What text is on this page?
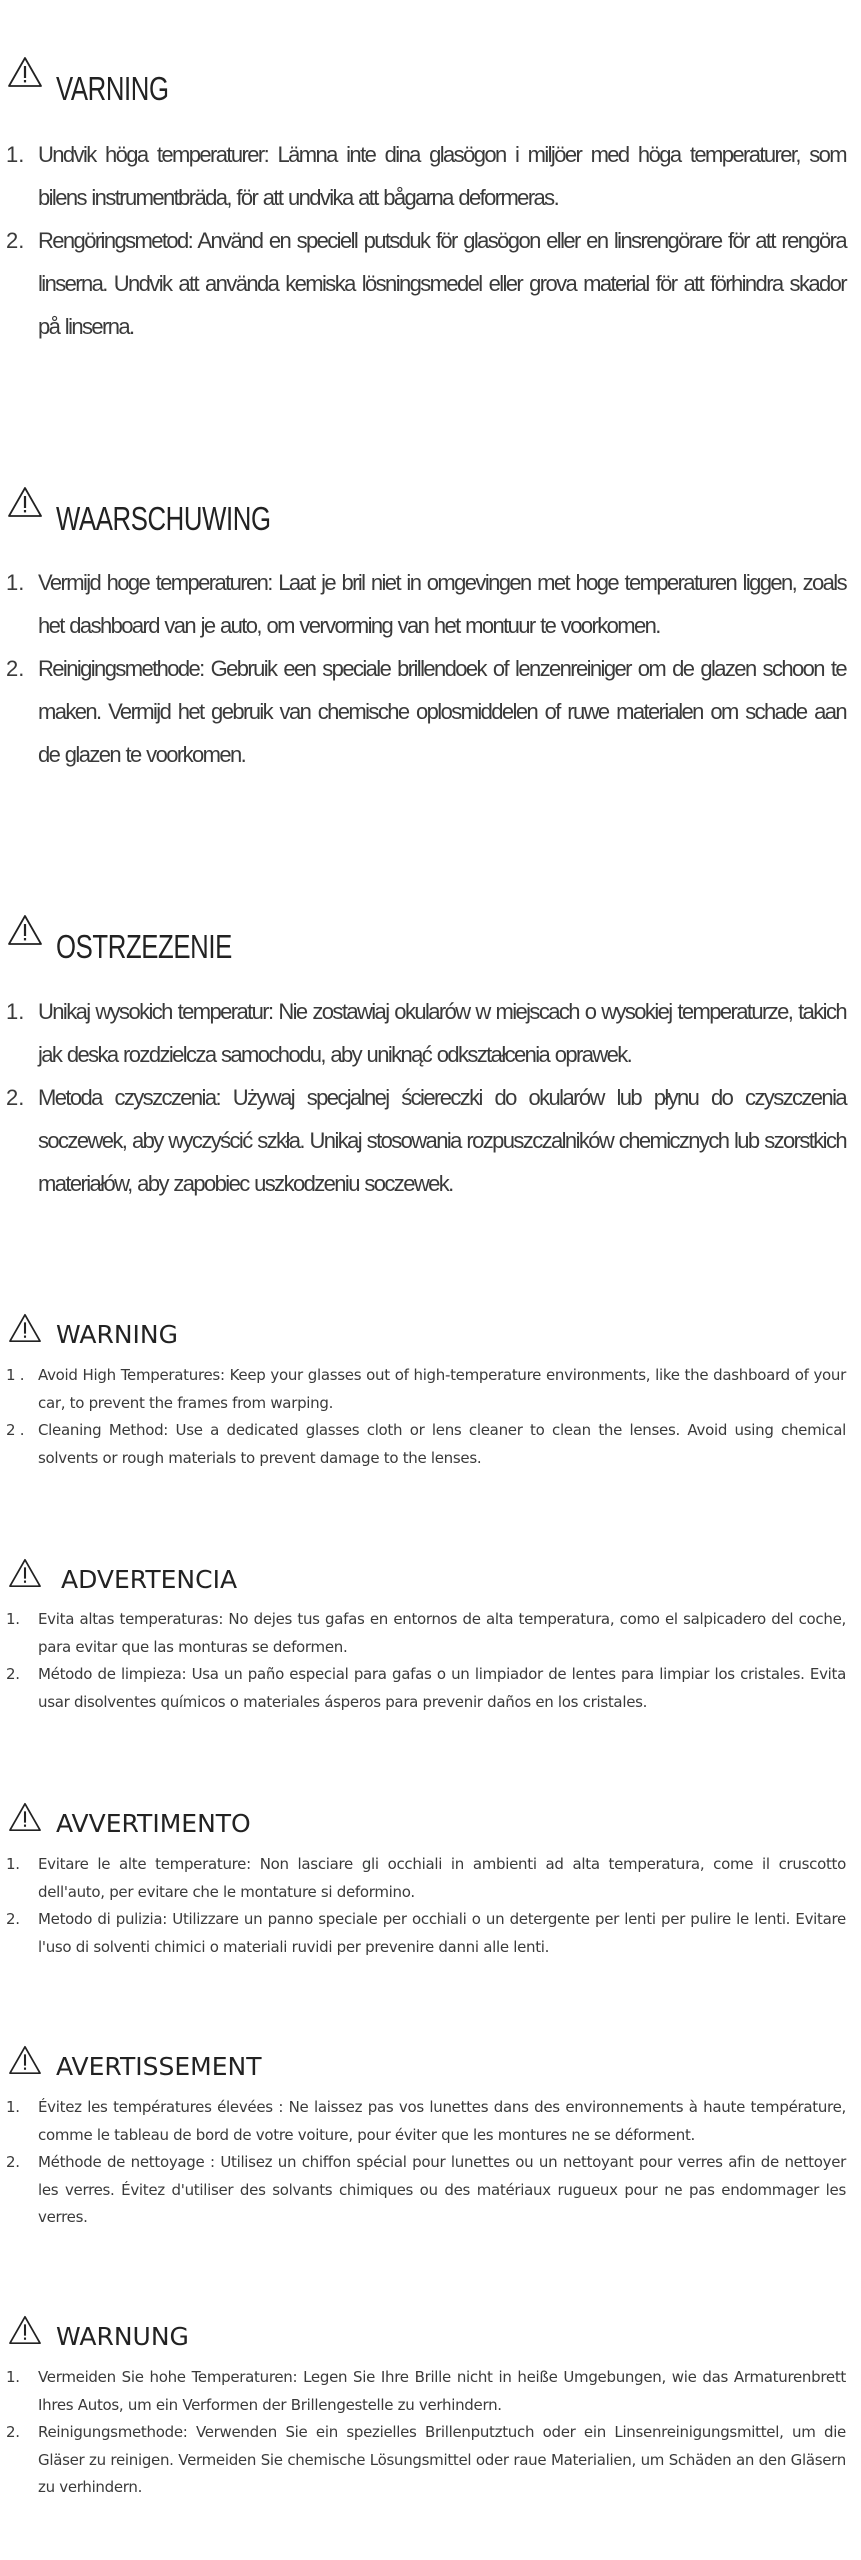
VARNING
1. Undvik höga temperaturer: Lämna inte dina glasögon i miljöer med höga temperaturer, som bilens instrumentbräda, för att undvika att bågarna deformeras.
2. Rengöringsmetod: Använd en speciell putsduk för glasögon eller en linsrengörare för att rengöra linserna. Undvik att använda kemiska lösningsmedel eller grova material för att förhindra skador på linserna.
WAARSCHUWING
1. Vermijd hoge temperaturen: Laat je bril niet in omgevingen met hoge temperaturen liggen, zoals het dashboard van je auto, om vervorming van het montuur te voorkomen.
2. Reinigingsmethode: Gebruik een speciale brillendoek of lenzenreiniger om de glazen schoon te maken. Vermijd het gebruik van chemische oplosmiddelen of ruwe materialen om schade aan de glazen te voorkomen.
OSTRZEZENIE
1. Unikaj wysokich temperatur: Nie zostawiaj okularów w miejscach o wysokiej temperaturze, takich jak deska rozdzielcza samochodu, aby uniknąć odkształcenia oprawek.
2. Metoda czyszczenia: Używaj specjalnej ściereczki do okularów lub płynu do czyszczenia soczewek, aby wyczyścić szkła. Unikaj stosowania rozpuszczalników chemicznych lub szorstkich materiałów, aby zapobiec uszkodzeniu soczewek.
WARNING
1 . Avoid High Temperatures: Keep your glasses out of high-temperature environments, like the dashboard of your car, to prevent the frames from warping.
2 . Cleaning Method: Use a dedicated glasses cloth or lens cleaner to clean the lenses. Avoid using chemical solvents or rough materials to prevent damage to the lenses.
ADVERTENCIA
1. Evita altas temperaturas: No dejes tus gafas en entornos de alta temperatura, como el salpicadero del coche, para evitar que las monturas se deformen.
2. Método de limpieza: Usa un paño especial para gafas o un limpiador de lentes para limpiar los cristales. Evita usar disolventes químicos o materiales ásperos para prevenir daños en los cristales.
AVVERTIMENTO
1. Evitare le alte temperature: Non lasciare gli occhiali in ambienti ad alta temperatura, come il cruscotto dell'auto, per evitare che le montature si deformino.
2. Metodo di pulizia: Utilizzare un panno speciale per occhiali o un detergente per lenti per pulire le lenti. Evitare l'uso di solventi chimici o materiali ruvidi per prevenire danni alle lenti.
AVERTISSEMENT
1. Évitez les températures élevées : Ne laissez pas vos lunettes dans des environnements à haute température, comme le tableau de bord de votre voiture, pour éviter que les montures ne se déforment.
2. Méthode de nettoyage : Utilisez un chiffon spécial pour lunettes ou un nettoyant pour verres afin de nettoyer les verres. Évitez d'utiliser des solvants chimiques ou des matériaux rugueux pour ne pas endommager les verres.
WARNUNG
1. Vermeiden Sie hohe Temperaturen: Legen Sie Ihre Brille nicht in heiße Umgebungen, wie das Armaturenbrett Ihres Autos, um ein Verformen der Brillengestelle zu verhindern.
2. Reinigungsmethode: Verwenden Sie ein spezielles Brillenputztuch oder ein Linsenreinigungsmittel, um die Gläser zu reinigen. Vermeiden Sie chemische Lösungsmittel oder raue Materialien, um Schäden an den Gläsern zu verhindern.
